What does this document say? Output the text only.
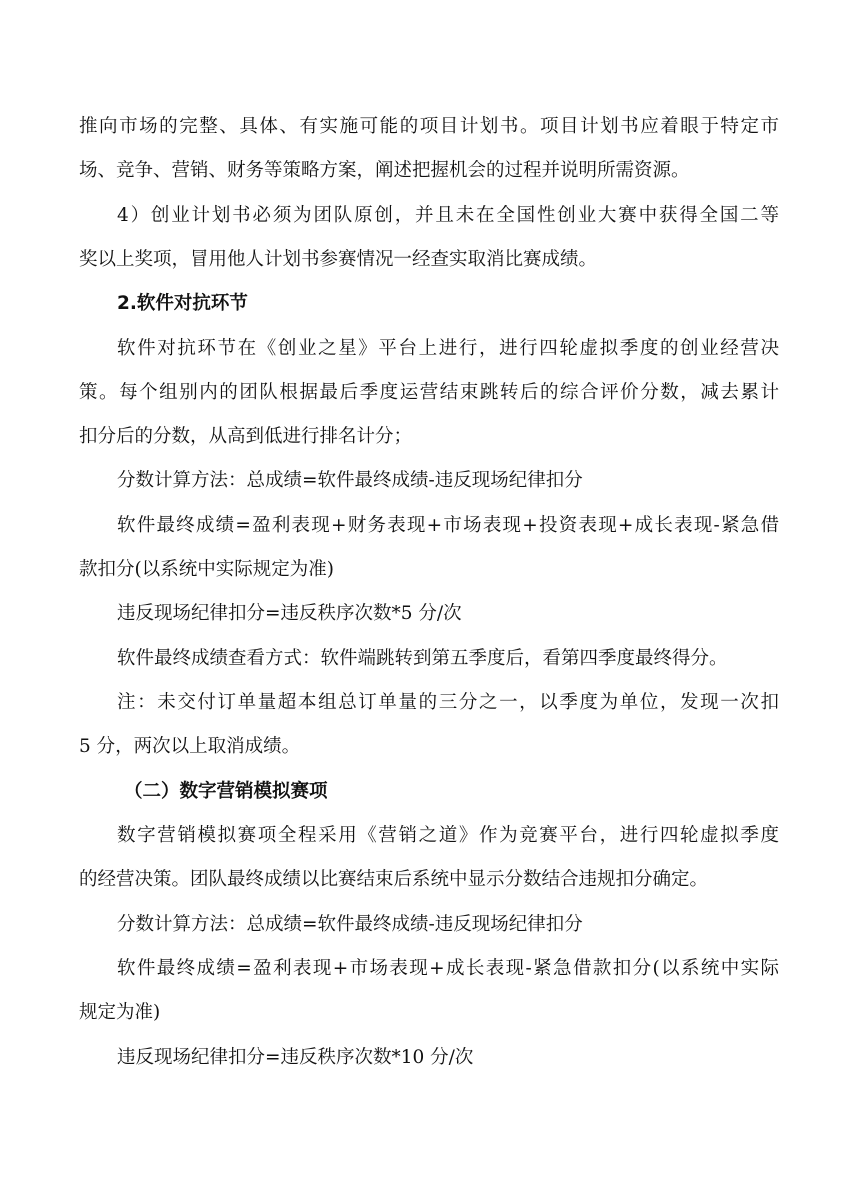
推向市场的完整、具体、有实施可能的项目计划书。项目计划书应着眼于特定市
场、竞争、营销、财务等策略方案，阐述把握机会的过程并说明所需资源。
4）创业计划书必须为团队原创，并且未在全国性创业大赛中获得全国二等
奖以上奖项，冒用他人计划书参赛情况一经查实取消比赛成绩。
2.软件对抗环节
软件对抗环节在《创业之星》平台上进行，进行四轮虚拟季度的创业经营决
策。每个组别内的团队根据最后季度运营结束跳转后的综合评价分数，减去累计
扣分后的分数，从高到低进行排名计分；
分数计算方法：总成绩=软件最终成绩-违反现场纪律扣分
软件最终成绩=盈利表现+财务表现+市场表现+投资表现+成长表现-紧急借
款扣分(以系统中实际规定为准)
违反现场纪律扣分=违反秩序次数*5 分/次
软件最终成绩查看方式：软件端跳转到第五季度后，看第四季度最终得分。
注：未交付订单量超本组总订单量的三分之一，以季度为单位，发现一次扣
5 分，两次以上取消成绩。
（二）数字营销模拟赛项
数字营销模拟赛项全程采用《营销之道》作为竞赛平台，进行四轮虚拟季度
的经营决策。团队最终成绩以比赛结束后系统中显示分数结合违规扣分确定。
分数计算方法：总成绩=软件最终成绩-违反现场纪律扣分
软件最终成绩=盈利表现+市场表现+成长表现-紧急借款扣分(以系统中实际
规定为准)
违反现场纪律扣分=违反秩序次数*10 分/次
